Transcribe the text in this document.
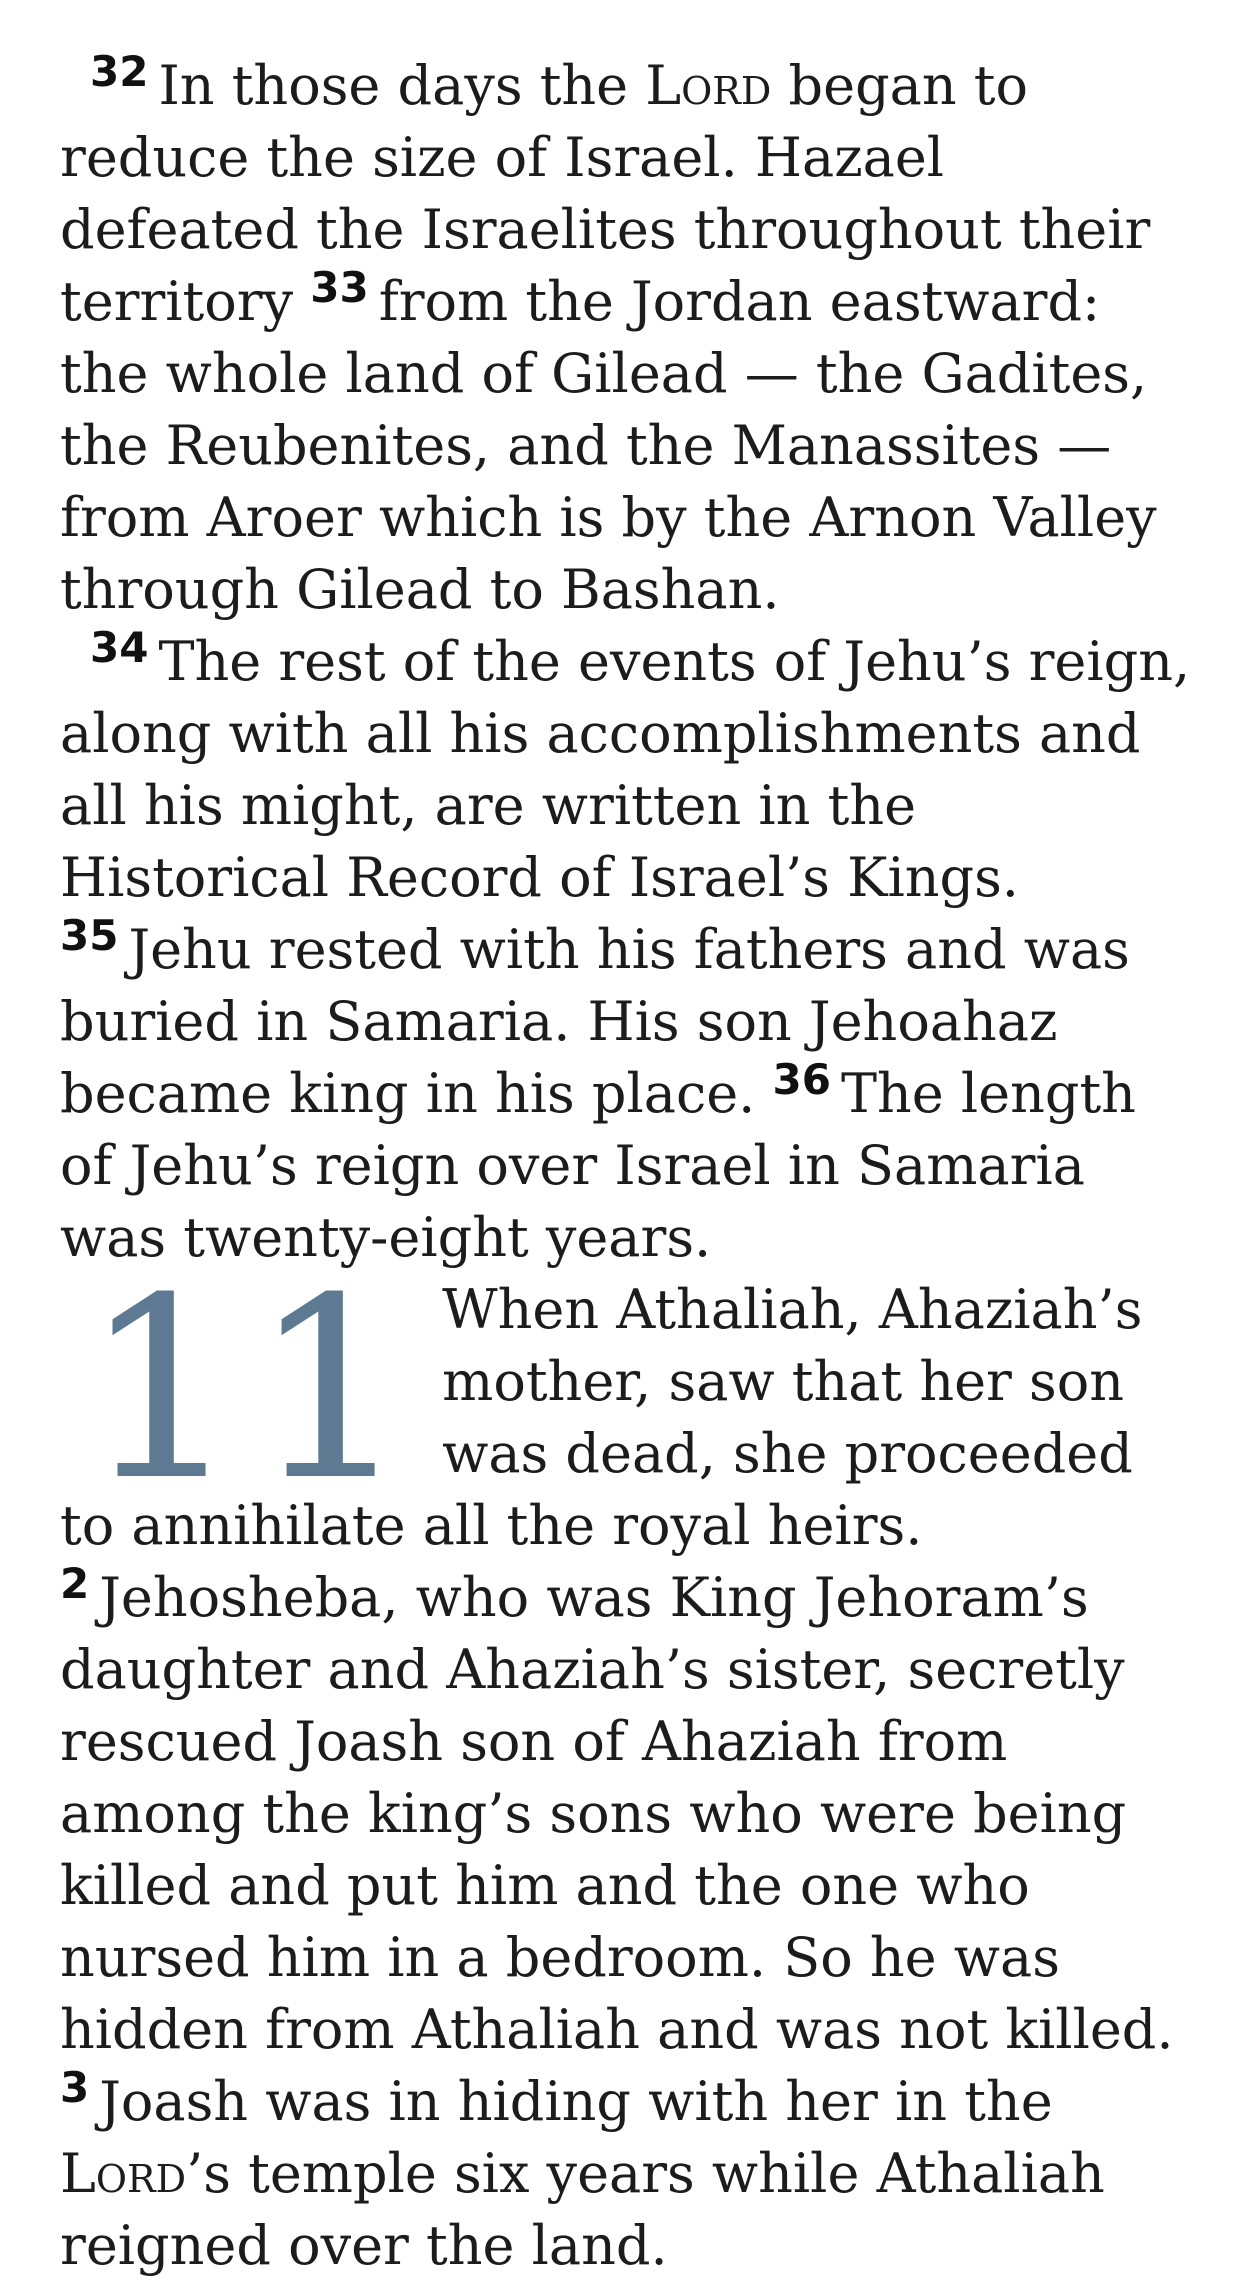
$^{32}$ In those days the Lord began to reduce the size of Israel. Hazael defeated the Israelites throughout their territory $^{33}$ from the Jordan eastward: the whole land of Gilead — the Gadites, the Reubenites, and the Manassites — from Aroer which is by the Arnon Valley through Gilead to Bashan.

$^{34}$ The rest of the events of Jehu’s reign, along with all his accomplishments and all his might, are written in the Historical Record of Israel’s Kings. $^{35}$ Jehu rested with his fathers and was buried in Samaria. His son Jehoahaz became king in his place. $^{36}$ The length of Jehu’s reign over Israel in Samaria was twenty-eight years.

11 When Athaliah, Ahaziah’s mother, saw that her son was dead, she proceeded to annihilate all the royal heirs. $^2$ Jehosheba, who was King Jehoram’s daughter and Ahaziah’s sister, secretly rescued Joash son of Ahaziah from among the king’s sons who were being killed and put him and the one who nursed him in a bedroom. So he was hidden from Athaliah and was not killed. $^3$ Joash was in hiding with her in the Lord’s temple six years while Athaliah reigned over the land.
